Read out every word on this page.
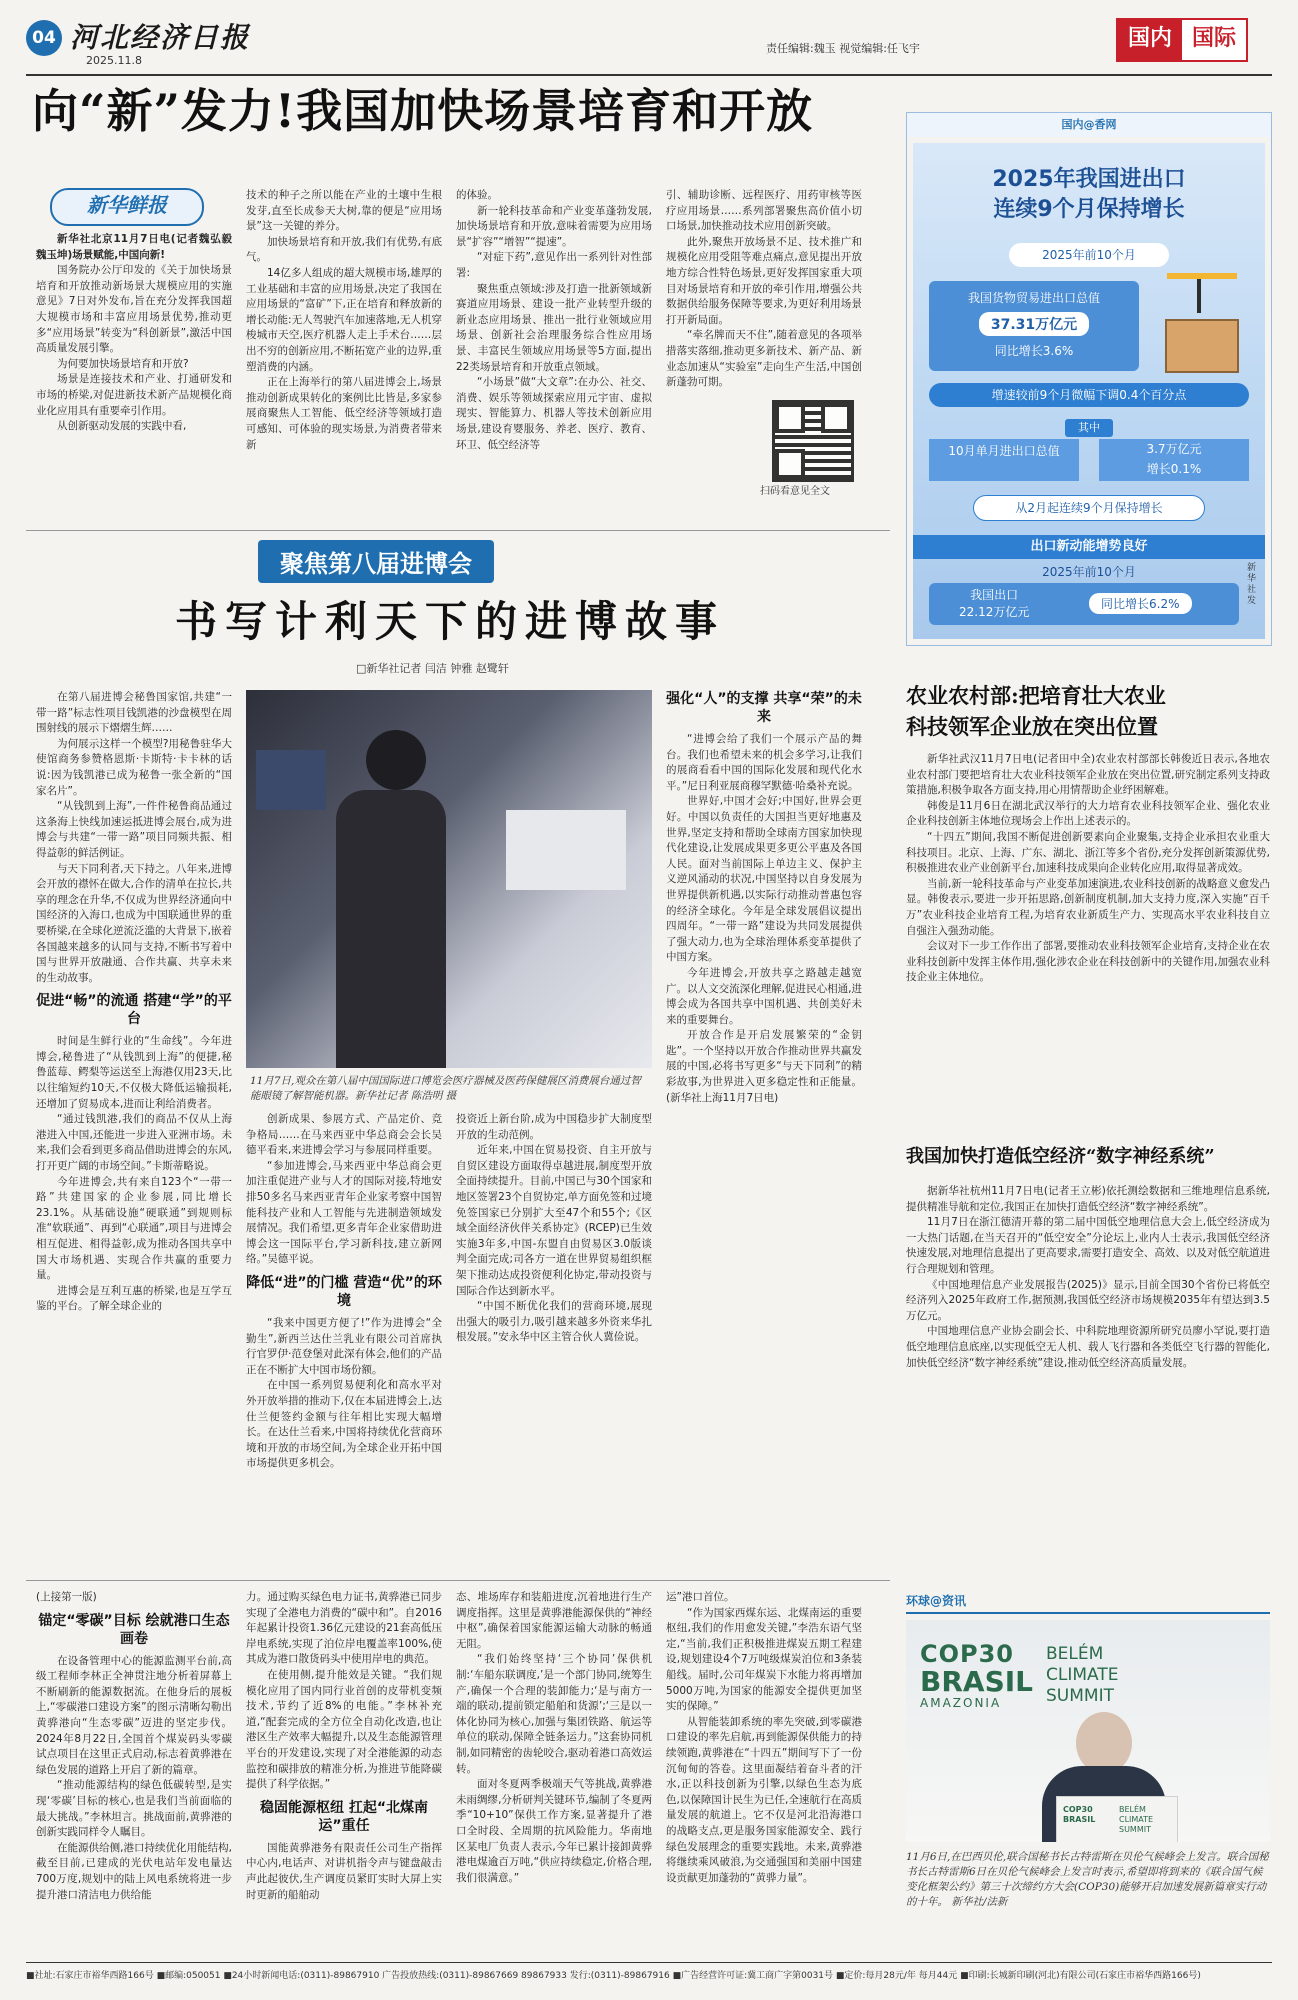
04 河北经济日报
2025.11.8
责任编辑:魏玉 视觉编辑:任飞宇	国内 国际
向“新”发力!我国加快场景培育和开放
新华鲜报

新华社北京11月7日电(记者魏弘毅 魏玉坤)场景赋能,中国向新!

国务院办公厅印发的《关于加快场景培育和开放推动新场景大规模应用的实施意见》7日对外发布,旨在充分发挥我国超大规模市场和丰富应用场景优势,推动更多“应用场景”转变为“科创新景”,激活中国高质量发展引擎。

为何要加快场景培育和开放?

场景是连接技术和产业、打通研发和市场的桥梁,对促进新技术新产品规模化商业化应用具有重要牵引作用。

从创新驱动发展的实践中看,

技术的种子之所以能在产业的土壤中生根发芽,直至长成参天大树,靠的便是“应用场景”这一关键的养分。

加快场景培育和开放,我们有优势,有底气。

14亿多人组成的超大规模市场,雄厚的工业基础和丰富的应用场景,决定了我国在应用场景的“富矿”下,正在培育和释放新的增长动能:无人驾驶汽车加速落地,无人机穿梭城市天空,医疗机器人走上手术台……层出不穷的创新应用,不断拓宽产业的边界,重塑消费的内涵。

正在上海举行的第八届进博会上,场景推动创新成果转化的案例比比皆是,多家参展商聚焦人工智能、低空经济等领域打造可感知、可体验的现实场景,为消费者带来新

的体验。

新一轮科技革命和产业变革蓬勃发展,加快场景培育和开放,意味着需要为应用场景“扩容”“增智”“提速”。

“对症下药”,意见作出一系列针对性部署:

聚焦重点领域:涉及打造一批新领域新赛道应用场景、建设一批产业转型升级的新业态应用场景、推出一批行业领域应用场景、创新社会治理服务综合性应用场景、丰富民生领域应用场景等5方面,提出22类场景培育和开放重点领域。

“小场景”做“大文章”:在办公、社交、消费、娱乐等领域探索应用元宇宙、虚拟现实、智能算力、机器人等技术创新应用场景,建设育婴服务、养老、医疗、教育、环卫、低空经济等

引、辅助诊断、远程医疗、用药审核等医疗应用场景……系列部署聚焦高价值小切口场景,加快推动技术应用创新突破。

此外,聚焦开放场景不足、技术推广和规模化应用受阻等难点痛点,意见提出开放地方综合性特色场景,更好发挥国家重大项目对场景培育和开放的牵引作用,增强公共数据供给服务保障等要求,为更好利用场景打开新局面。

“牵名牌而天不住”,随着意见的各项举措落实落细,推动更多新技术、新产品、新业态加速从“实验室”走向生产生活,中国创新蓬勃可期。

扫码看意见全文
国内@香网
2025年我国进出口
连续9个月保持增长
2025年前10个月
我国货物贸易进出口总值
37.31万亿元
同比增长3.6%
增速较前9个月微幅下调0.4个百分点
其中
10月单月进出口总值	3.7万亿元
增长0.1%
从2月起连续9个月保持增长
出口新动能增势良好
2025年前10个月
我国出口
22.12万亿元
同比增长6.2%
新华社发
聚焦第八届进博会
书写计利天下的进博故事
□新华社记者 闫洁 钟雅 赵鹭轩

在第八届进博会秘鲁国家馆,共建“一带一路”标志性项目钱凯港的沙盘模型在周围射线的展示下熠熠生辉……

为何展示这样一个模型?用秘鲁驻华大使馆商务参赞格恩斯·卡斯特·卡卡林的话说:因为钱凯港已成为秘鲁一张全新的“国家名片”。

“从钱凯到上海”,一件件秘鲁商品通过这条海上快线加速运抵进博会展台,成为进博会与共建“一带一路”项目同频共振、相得益彰的鲜活例证。

与天下同利者,天下持之。八年来,进博会开放的襟怀在做大,合作的清单在拉长,共享的理念在升华,不仅成为世界经济通向中国经济的入海口,也成为中国联通世界的重要桥梁,在全球化逆流泛滥的大背景下,嵌着各国越来越多的认同与支持,不断书写着中国与世界开放融通、合作共赢、共享未来的生动故事。

促进“畅”的流通 搭建“学”的平台

时间是生鲜行业的“生命线”。今年进博会,秘鲁进了“从钱凯到上海”的便捷,秘鲁蓝莓、鳄梨等运送至上海港仅用23天,比以往缩短约10天,不仅极大降低运输损耗,还增加了贸易成本,进而让利给消费者。

“通过钱凯港,我们的商品不仅从上海港进入中国,还能进一步进入亚洲市场。未来,我们会看到更多商品借助进博会的东风,打开更广阔的市场空间。”卡斯蒂略说。

今年进博会,共有来自123个“一带一路”共建国家的企业参展,同比增长23.1%。从基础设施“硬联通”到规则标准“软联通”、再到“心联通”,项目与进博会相互促进、相得益彰,成为推动各国共享中国大市场机遇、实现合作共赢的重要力量。

进博会是互利互惠的桥梁,也是互学互鉴的平台。了解全球企业的

11月7日,观众在第八届中国国际进口博览会医疗器械及医药保健展区消费展台通过智能眼镜了解智能机器。新华社记者 陈浩明 摄

创新成果、参展方式、产品定价、竞争格局……在马来西亚中华总商会会长吴德平看来,来进博会学习与参展同样重要。

“参加进博会,马来西亚中华总商会更加注重促进产业与人才的国际对接,特地安排50多名马来西亚青年企业家考察中国智能科技产业和人工智能与先进制造领域发展情况。我们希望,更多青年企业家借助进博会这一国际平台,学习新科技,建立新网络。”吴德平说。

降低“进”的门槛 营造“优”的环境

“我来中国更方便了!”作为进博会“全勤生”,新西兰达仕兰乳业有限公司首席执行官罗伊·范登堡对此深有体会,他们的产品正在不断扩大中国市场份额。

在中国一系列贸易便利化和高水平对外开放举措的推动下,仅在本届进博会上,达仕兰便签约金额与往年相比实现大幅增长。在达仕兰看来,中国将持续优化营商环境和开放的市场空间,为全球企业开拓中国市场提供更多机会。

投资近上新台阶,成为中国稳步扩大制度型开放的生动范例。

近年来,中国在贸易投资、自主开放与自贸区建设方面取得卓越进展,制度型开放全面持续提升。目前,中国已与30个国家和地区签署23个自贸协定,单方面免签和过境免签国家已分别扩大至47个和55个;《区域全面经济伙伴关系协定》(RCEP)已生效实施3年多,中国-东盟自由贸易区3.0版谈判全面完成;司各方一道在世界贸易组织框架下推动达成投资便利化协定,带动投资与国际合作达到新水平。

“中国不断优化我们的营商环境,展现出强大的吸引力,吸引越来越多外资来华扎根发展。”安永华中区主管合伙人冀俭说。

强化“人”的支撑 共享“荣”的未来

“进博会给了我们一个展示产品的舞台。我们也希望未来的机会多学习,让我们的展商看看中国的国际化发展和现代化水平。”尼日利亚展商穆罕默德·哈桑补充说。

世界好,中国才会好;中国好,世界会更好。中国以负责任的大国担当更好地惠及世界,坚定支持和帮助全球南方国家加快现代化建设,让发展成果更多更公平惠及各国人民。面对当前国际上单边主义、保护主义逆风涌动的状况,中国坚持以自身发展为世界提供新机遇,以实际行动推动普惠包容的经济全球化。今年是全球发展倡议提出四周年。“一带一路”建设为共同发展提供了强大动力,也为全球治理体系变革提供了中国方案。

今年进博会,开放共享之路越走越宽广。以人文交流深化理解,促进民心相通,进博会成为各国共享中国机遇、共创美好未来的重要舞台。

开放合作是开启发展繁荣的“金钥匙”。一个坚持以开放合作推动世界共赢发展的中国,必将书写更多“与天下同利”的精彩故事,为世界进入更多稳定性和正能量。(新华社上海11月7日电)

农业农村部:把培育壮大农业
科技领军企业放在突出位置

新华社武汉11月7日电(记者田中全)农业农村部部长韩俊近日表示,各地农业农村部门要把培育壮大农业科技领军企业放在突出位置,研究制定系列支持政策措施,积极争取各方面支持,用心用情帮助企业纾困解难。

韩俊是11月6日在湖北武汉举行的大力培育农业科技领军企业、强化农业企业科技创新主体地位现场会上作出上述表示的。

“十四五”期间,我国不断促进创新要素向企业聚集,支持企业承担农业重大科技项目。北京、上海、广东、湖北、浙江等多个省份,充分发挥创新策源优势,积极推进农业产业创新平台,加速科技成果向企业转化应用,取得显著成效。

当前,新一轮科技革命与产业变革加速演进,农业科技创新的战略意义愈发凸显。韩俊表示,要进一步开拓思路,创新制度机制,加大支持力度,深入实施“百千万”农业科技企业培育工程,为培育农业新质生产力、实现高水平农业科技自立自强注入强劲动能。

会议对下一步工作作出了部署,要推动农业科技领军企业培育,支持企业在农业科技创新中发挥主体作用,强化涉农企业在科技创新中的关键作用,加强农业科技企业主体地位。

我国加快打造低空经济“数字神经系统”

据新华社杭州11月7日电(记者王立彬)依托测绘数据和三维地理信息系统,提供精准导航和定位,我国正在加快打造低空经济“数字神经系统”。

11月7日在浙江德清开幕的第二届中国低空地理信息大会上,低空经济成为一大热门话题,在当天召开的“低空安全”分论坛上,业内人士表示,我国低空经济快速发展,对地理信息提出了更高要求,需要打造安全、高效、以及对低空航道进行合理规划和管理。

《中国地理信息产业发展报告(2025)》显示,目前全国30个省份已将低空经济列入2025年政府工作,据预测,我国低空经济市场规模2035年有望达到3.5万亿元。

中国地理信息产业协会副会长、中科院地理资源所研究员廖小罕说,要打造低空地理信息底座,以实现低空无人机、载人飞行器和各类低空飞行器的智能化,加快低空经济“数字神经系统”建设,推动低空经济高质量发展。

(上接第一版)

锚定“零碳”目标 绘就港口生态画卷

在设备管理中心的能源监测平台前,高级工程师李林正全神贯注地分析着屏幕上不断刷新的能源数据流。在他身后的展板上,“零碳港口建设方案”的图示清晰勾勒出黄骅港向“生态零碳”迈进的坚定步伐。2024年8月22日,全国首个煤炭码头零碳试点项目在这里正式启动,标志着黄骅港在绿色发展的道路上开启了新的篇章。

“推动能源结构的绿色低碳转型,是实现‘零碳’目标的核心,也是我们当前面临的最大挑战。”李林坦言。挑战面前,黄骅港的创新实践同样令人瞩目。

在能源供给侧,港口持续优化用能结构,截至目前,已建成的光伏电站年发电量达700万度,规划中的陆上风电系统将进一步提升港口清洁电力供给能

力。通过购买绿色电力证书,黄骅港已同步实现了全港电力消费的“碳中和”。自2016年起累计投资1.36亿元建设的21套高低压岸电系统,实现了泊位岸电覆盖率100%,使其成为港口散货码头中使用岸电的典范。

在使用侧,提升能效是关键。“我们规模化应用了国内同行业首创的皮带机变频技术,节约了近8%的电能。”李林补充道,“配套完成的全方位全自动化改造,也让港区生产效率大幅提升,以及生态能源管理平台的开发建设,实现了对全港能源的动态监控和碳排放的精准分析,为推进节能降碳提供了科学依据。”

稳固能源枢纽 扛起“北煤南运”重任

国能黄骅港务有限责任公司生产指挥中心内,电话声、对讲机指令声与键盘敲击声此起彼伏,生产调度员紧盯实时大屏上实时更新的船舶动

态、堆场库存和装船进度,沉着地进行生产调度指挥。这里是黄骅港能源保供的“神经中枢”,确保着国家能源运输大动脉的畅通无阻。

“我们始终坚持‘三个协同’保供机制:‘车船东联调度,’是一个部门协同,统筹生产,确保一个合理的装卸能力;‘是与南方一端的联动,提前锁定船舶和货源’;‘三是以一体化协同为核心,加强与集团铁路、航运等单位的联动,保障全链条运力。”这套协同机制,如同精密的齿轮咬合,驱动着港口高效运转。

面对冬夏两季极端天气等挑战,黄骅港未雨绸缪,分析研判关键环节,编制了冬夏两季“10+10”保供工作方案,显著提升了港口全时段、全周期的抗风险能力。华南地区某电厂负责人表示,今年已累计接卸黄骅港电煤逾百万吨,“供应持续稳定,价格合理,我们很满意。”

运”港口首位。

“作为国家西煤东运、北煤南运的重要枢纽,我们的作用愈发关键,”李浩东语气坚定,“当前,我们正积极推进煤炭五期工程建设,规划建设4个7万吨级煤炭泊位和3条装船线。届时,公司年煤炭下水能力将再增加5000万吨,为国家的能源安全提供更加坚实的保障。”

从智能装卸系统的率先突破,到零碳港口建设的率先启航,再到能源保供能力的持续领跑,黄骅港在“十四五”期间写下了一份沉甸甸的答卷。这里面凝结着奋斗者的汗水,正以科技创新为引擎,以绿色生态为底色,以保障国计民生为已任,全速航行在高质量发展的航道上。它不仅是河北沿海港口的战略支点,更是服务国家能源安全、践行绿色发展理念的重要实践地。未来,黄骅港将继续乘风破浪,为交通强国和美丽中国建设贡献更加蓬勃的“黄骅力量”。

环球@资讯
COP30
BRASIL
AMAZONIA
BELÉM
CLIMATE
SUMMIT
COP30
BRASIL
BELÉM
CLIMATE
SUMMIT
11月6日,在巴西贝伦,联合国秘书长古特雷斯在贝伦气候峰会上发言。联合国秘书长古特雷斯6日在贝伦气候峰会上发言时表示,希望即将到来的《联合国气候变化框架公约》第三十次缔约方大会(COP30)能够开启加速发展新篇章实行动的十年。 新华社/法新
■社址:石家庄市裕华西路166号 ■邮编:050051 ■24小时新闻电话:(0311)-89867910 广告投放热线:(0311)-89867669 89867933 发行:(0311)-89867916 ■广告经营许可证:冀工商广字第0031号 ■定价:每月28元/年 每月44元 ■印刷:长城新印刷(河北)有限公司(石家庄市裕华西路166号)
